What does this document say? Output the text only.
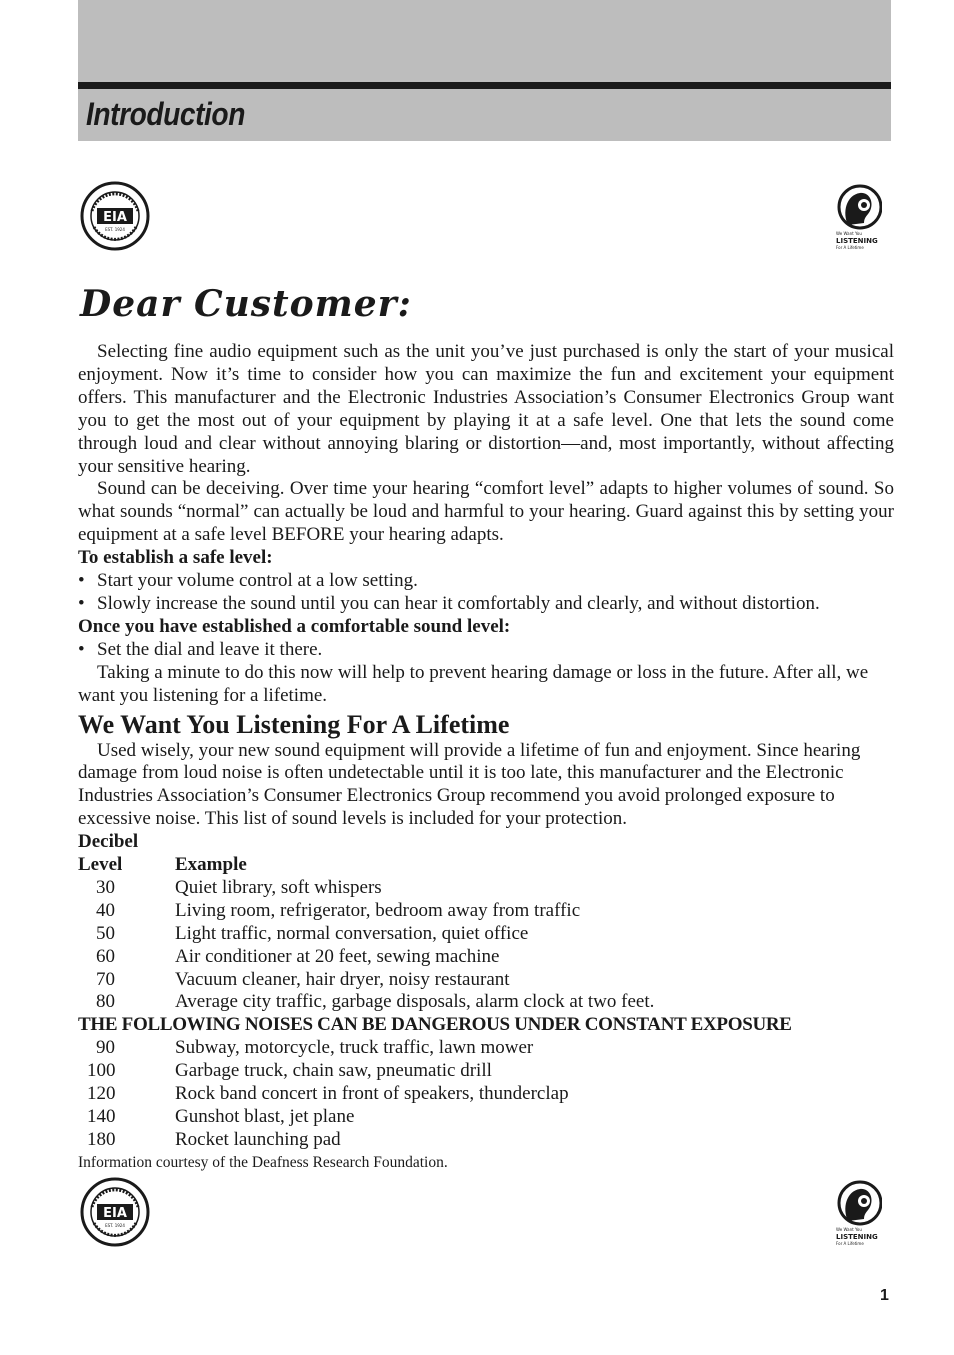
Introduction
EIA
EST. 1924
We Want You
LISTENING
For A Lifetime
Dear Customer:

Selecting fine audio equipment such as the unit you’ve just purchased is only the start of your musical enjoyment. Now it’s time to consider how you can maximize the fun and excitement your equipment offers. This manufacturer and the Electronic Industries Association’s Consumer Electronics Group want you to get the most out of your equipment by playing it at a safe level. One that lets the sound come through loud and clear without annoying blaring or distortion—and, most importantly, without affecting your sensitive hearing.

Sound can be deceiving. Over time your hearing “comfort level” adapts to higher volumes of sound. So what sounds “normal” can actually be loud and harmful to your hearing. Guard against this by setting your equipment at a safe level BEFORE your hearing adapts.

To establish a safe level:
• Start your volume control at a low setting.
• Slowly increase the sound until you can hear it comfortably and clearly, and without distortion.
Once you have established a comfortable sound level:
• Set the dial and leave it there.

Taking a minute to do this now will help to prevent hearing damage or loss in the future. After all, we want you listening for a lifetime.

We Want You Listening For A Lifetime

Used wisely, your new sound equipment will provide a lifetime of fun and enjoyment. Since hearing damage from loud noise is often undetectable until it is too late, this manufacturer and the Electronic Industries Association’s Consumer Electronics Group recommend you avoid prolonged exposure to excessive noise. This list of sound levels is included for your protection.

Decibel
Level	Example
30	Quiet library, soft whispers
40	Living room, refrigerator, bedroom away from traffic
50	Light traffic, normal conversation, quiet office
60	Air conditioner at 20 feet, sewing machine
70	Vacuum cleaner, hair dryer, noisy restaurant
80	Average city traffic, garbage disposals, alarm clock at two feet.
THE FOLLOWING NOISES CAN BE DANGEROUS UNDER CONSTANT EXPOSURE
90	Subway, motorcycle, truck traffic, lawn mower
100	Garbage truck, chain saw, pneumatic drill
120	Rock band concert in front of speakers, thunderclap
140	Gunshot blast, jet plane
180	Rocket launching pad
Information courtesy of the Deafness Research Foundation.
EIA
EST. 1924
We Want You
LISTENING
For A Lifetime
1
